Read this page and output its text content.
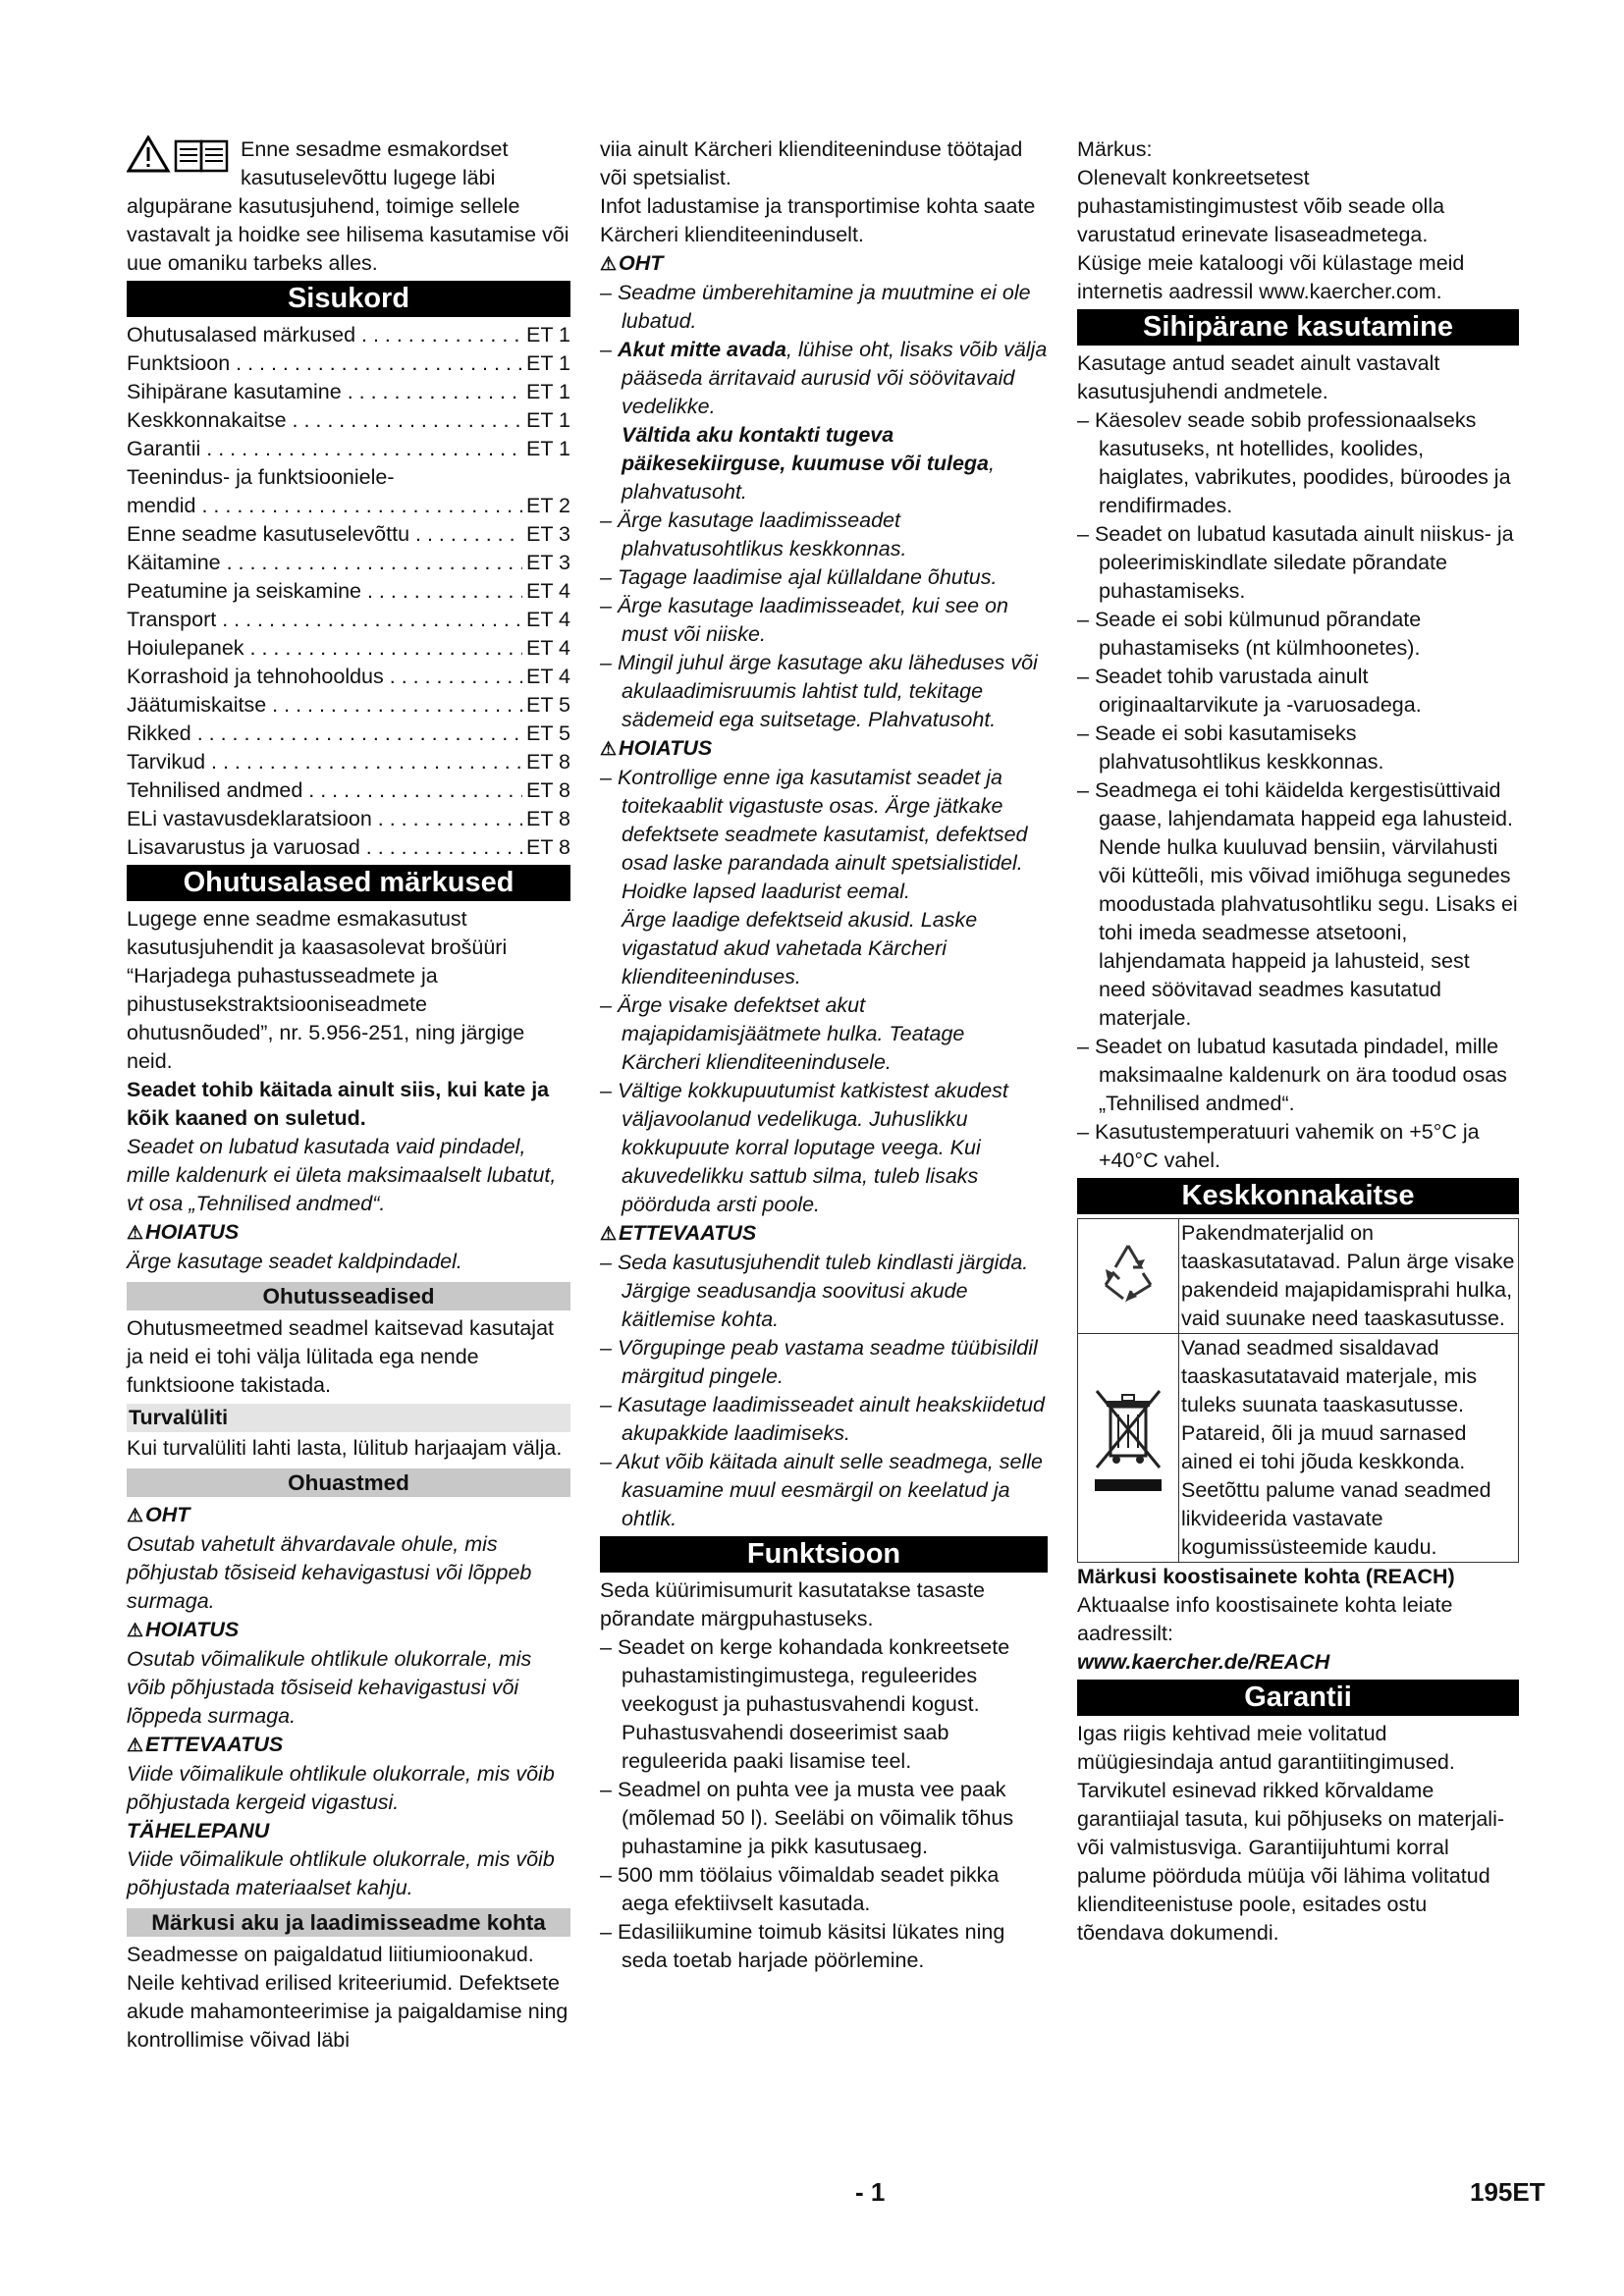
Enne sesadme esmakordset kasutuselevõttu lugege läbi algupärane kasutusjuhend, toimige sellele vastavalt ja hoidke see hilisema kasutamise või uue omaniku tarbeks alles.

Sisukord
Ohutusalased märkused . . .	ET 1
Funktsioon . . .	ET 1
Sihipärane kasutamine . . .	ET 1
Keskkonnakaitse . . .	ET 1
Garantii . . .	ET 1
Teenindus- ja funktsiooniele-
mendid . . .	ET 2
Enne seadme kasutuselevõttu . . .	ET 3
Käitamine . . .	ET 3
Peatumine ja seiskamine . . .	ET 4
Transport . . .	ET 4
Hoiulepanek . . .	ET 4
Korrashoid ja tehnohooldus . . .	ET 4
Jäätumiskaitse . . .	ET 5
Rikked . . .	ET 5
Tarvikud . . .	ET 8
Tehnilised andmed . . .	ET 8
ELi vastavusdeklaratsioon . . .	ET 8
Lisavarustus ja varuosad . . .	ET 8
Ohutusalased märkused

Lugege enne seadme esmakasutust kasutusjuhendit ja kaasasolevat brošüüri “Harjadega puhastusseadmete ja pihustusekstraktsiooniseadmete ohutusnõuded”, nr. 5.956-251, ning järgige neid.

Seadet tohib käitada ainult siis, kui kate ja kõik kaaned on suletud.

Seadet on lubatud kasutada vaid pindadel, mille kaldenurk ei ületa maksimaalselt lubatut, vt osa „Tehnilised andmed“.

⚠ HOIATUS

Ärge kasutage seadet kaldpindadel.

Ohutusseadised

Ohutusmeetmed seadmel kaitsevad kasutajat ja neid ei tohi välja lülitada ega nende funktsioone takistada.

Turvalüliti

Kui turvalüliti lahti lasta, lülitub harjaajam välja.

Ohuastmed

⚠ OHT

Osutab vahetult ähvardavale ohule, mis põhjustab tõsiseid kehavigastusi või lõppeb surmaga.

⚠ HOIATUS

Osutab võimalikule ohtlikule olukorrale, mis võib põhjustada tõsiseid kehavigastusi või lõppeda surmaga.

⚠ ETTEVAATUS

Viide võimalikule ohtlikule olukorrale, mis võib põhjustada kergeid vigastusi.

TÄHELEPANU

Viide võimalikule ohtlikule olukorrale, mis võib põhjustada materiaalset kahju.

Märkusi aku ja laadimisseadme kohta

Seadmesse on paigaldatud liitiumioonakud. Neile kehtivad erilised kriteeriumid. Defektsete akude mahamonteerimise ja paigaldamise ning kontrollimise võivad läbi

viia ainult Kärcheri klienditeeninduse töötajad või spetsialist.

Infot ladustamise ja transportimise kohta saate Kärcheri klienditeeninduselt.

⚠ OHT

– Seadme ümberehitamine ja muutmine ei ole lubatud.

– Akut mitte avada, lühise oht, lisaks võib välja pääseda ärritavaid aurusid või söövitavaid vedelikke.

Vältida aku kontakti tugeva päikesekiirguse, kuumuse või tulega, plahvatusoht.

– Ärge kasutage laadimisseadet plahvatusohtlikus keskkonnas.

– Tagage laadimise ajal küllaldane õhutus.

– Ärge kasutage laadimisseadet, kui see on must või niiske.

– Mingil juhul ärge kasutage aku läheduses või akulaadimisruumis lahtist tuld, tekitage sädemeid ega suitsetage. Plahvatusoht.

⚠ HOIATUS

– Kontrollige enne iga kasutamist seadet ja toitekaablit vigastuste osas. Ärge jätkake defektsete seadmete kasutamist, defektsed osad laske parandada ainult spetsialistidel.

Hoidke lapsed laadurist eemal.

Ärge laadige defektseid akusid. Laske vigastatud akud vahetada Kärcheri klienditeeninduses.

– Ärge visake defektset akut majapidamisjäätmete hulka. Teatage Kärcheri klienditeenindusele.

– Vältige kokkupuutumist katkistest akudest väljavoolanud vedelikuga. Juhuslikku kokkupuute korral loputage veega. Kui akuvedelikku sattub silma, tuleb lisaks pöörduda arsti poole.

⚠ ETTEVAATUS

– Seda kasutusjuhendit tuleb kindlasti järgida. Järgige seadusandja soovitusi akude käitlemise kohta.

– Võrgupinge peab vastama seadme tüübisildil märgitud pingele.

– Kasutage laadimisseadet ainult heakskiidetud akupakkide laadimiseks.

– Akut võib käitada ainult selle seadmega, selle kasuamine muul eesmärgil on keelatud ja ohtlik.

Funktsioon

Seda küürimisumurit kasutatakse tasaste põrandate märgpuhastuseks.

– Seadet on kerge kohandada konkreetsete puhastamistingimustega, reguleerides veekogust ja puhastusvahendi kogust.

Puhastusvahendi doseerimist saab reguleerida paaki lisamise teel.

– Seadmel on puhta vee ja musta vee paak (mõlemad 50 l). Seeläbi on võimalik tõhus puhastamine ja pikk kasutusaeg.

– 500 mm töölaius võimaldab seadet pikka aega efektiivselt kasutada.

– Edasiliikumine toimub käsitsi lükates ning seda toetab harjade pöörlemine.

Märkus:

Olenevalt konkreetsetest puhastamistingimustest võib seade olla varustatud erinevate lisaseadmetega.

Küsige meie kataloogi või külastage meid internetis aadressil www.kaercher.com.

Sihipärane kasutamine

Kasutage antud seadet ainult vastavalt kasutusjuhendi andmetele.

– Käesolev seade sobib professionaalseks kasutuseks, nt hotellides, koolides, haiglates, vabrikutes, poodides, büroodes ja rendifirmades.

– Seadet on lubatud kasutada ainult niiskus- ja poleerimiskindlate siledate põrandate puhastamiseks.

– Seade ei sobi külmunud põrandate puhastamiseks (nt külmhoonetes).

– Seadet tohib varustada ainult originaaltarvikute ja -varuosadega.

– Seade ei sobi kasutamiseks plahvatusohtlikus keskkonnas.

– Seadmega ei tohi käidelda kergestisüttivaid gaase, lahjendamata happeid ega lahusteid.

Nende hulka kuuluvad bensiin, värvilahusti või kütteõli, mis võivad imiõhuga segunedes moodustada plahvatusohtliku segu. Lisaks ei tohi imeda seadmesse atsetooni, lahjendamata happeid ja lahusteid, sest need söövitavad seadmes kasutatud materjale.

– Seadet on lubatud kasutada pindadel, mille maksimaalne kaldenurk on ära toodud osas „Tehnilised andmed“.

– Kasutustemperatuuri vahemik on +5°C ja +40°C vahel.

Keskkonnakaitse
	Pakendmaterjalid on taaskasutatavad. Palun ärge visake pakendeid majapidamisprahi hulka, vaid suunake need taaskasutusse.
	Vanad seadmed sisaldavad taaskasutatavaid materjale, mis tuleks suunata taaskasutusse. Patareid, õli ja muud sarnased ained ei tohi jõuda keskkonda. Seetõttu palume vanad seadmed likvideerida vastavate kogumissüsteemide kaudu.

Märkusi koostisainete kohta (REACH)

Aktuaalse info koostisainete kohta leiate aadressilt:

www.kaercher.de/REACH

Garantii

Igas riigis kehtivad meie volitatud müügiesindaja antud garantiitingimused. Tarvikutel esinevad rikked kõrvaldame garantiiajal tasuta, kui põhjuseks on materjali- või valmistusviga. Garantiijuhtumi korral palume pöörduda müüja või lähima volitatud klienditeenistuse poole, esitades ostu tõendava dokumendi.

- 1	195ET
